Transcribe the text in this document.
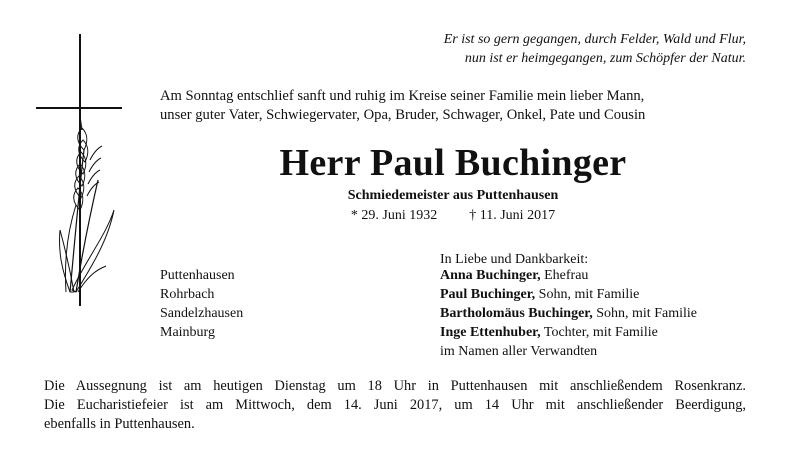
Er ist so gern gegangen, durch Felder, Wald und Flur,
nun ist er heimgegangen, zum Schöpfer der Natur.
Am Sonntag entschlief sanft und ruhig im Kreise seiner Familie mein lieber Mann,
unser guter Vater, Schwiegervater, Opa, Bruder, Schwager, Onkel, Pate und Cousin
Herr Paul Buchinger
Schmiedemeister aus Puttenhausen
* 29. Juni 1932 † 11. Juni 2017
In Liebe und Dankbarkeit:
Puttenhausen
Rohrbach
Sandelzhausen
Mainburg
Anna Buchinger, Ehefrau
Paul Buchinger, Sohn, mit Familie
Bartholomäus Buchinger, Sohn, mit Familie
Inge Ettenhuber, Tochter, mit Familie
im Namen aller Verwandten
Die Aussegnung ist am heutigen Dienstag um 18 Uhr in Puttenhausen mit anschließendem Rosenkranz.
Die Eucharistiefeier ist am Mittwoch, dem 14. Juni 2017, um 14 Uhr mit anschließender Beerdigung,
ebenfalls in Puttenhausen.
